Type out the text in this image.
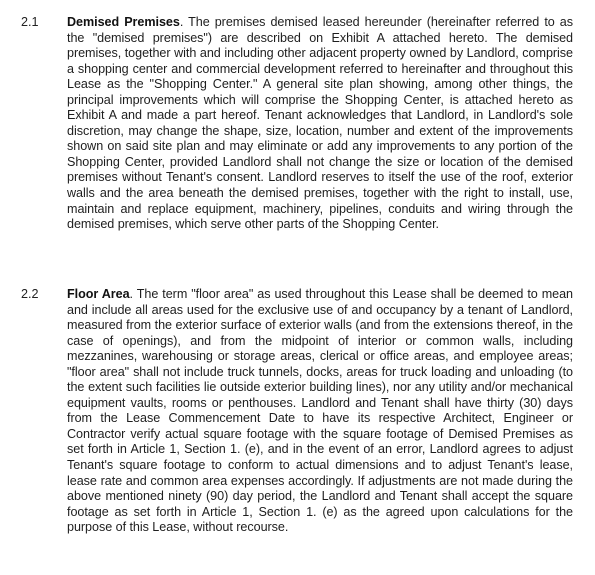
2.1 Demised Premises. The premises demised leased hereunder (hereinafter referred to as the "demised premises") are described on Exhibit A attached hereto. The demised premises, together with and including other adjacent property owned by Landlord, comprise a shopping center and commercial development referred to hereinafter and throughout this Lease as the "Shopping Center." A general site plan showing, among other things, the principal improvements which will comprise the Shopping Center, is attached hereto as Exhibit A and made a part hereof. Tenant acknowledges that Landlord, in Landlord's sole discretion, may change the shape, size, location, number and extent of the improvements shown on said site plan and may eliminate or add any improvements to any portion of the Shopping Center, provided Landlord shall not change the size or location of the demised premises without Tenant's consent. Landlord reserves to itself the use of the roof, exterior walls and the area beneath the demised premises, together with the right to install, use, maintain and replace equipment, machinery, pipelines, conduits and wiring through the demised premises, which serve other parts of the Shopping Center.
2.2 Floor Area. The term "floor area" as used throughout this Lease shall be deemed to mean and include all areas used for the exclusive use of and occupancy by a tenant of Landlord, measured from the exterior surface of exterior walls (and from the extensions thereof, in the case of openings), and from the midpoint of interior or common walls, including mezzanines, warehousing or storage areas, clerical or office areas, and employee areas; "floor area" shall not include truck tunnels, docks, areas for truck loading and unloading (to the extent such facilities lie outside exterior building lines), nor any utility and/or mechanical equipment vaults, rooms or penthouses. Landlord and Tenant shall have thirty (30) days from the Lease Commencement Date to have its respective Architect, Engineer or Contractor verify actual square footage with the square footage of Demised Premises as set forth in Article 1, Section 1. (e), and in the event of an error, Landlord agrees to adjust Tenant's square footage to conform to actual dimensions and to adjust Tenant's lease, lease rate and common area expenses accordingly. If adjustments are not made during the above mentioned ninety (90) day period, the Landlord and Tenant shall accept the square footage as set forth in Article 1, Section 1. (e) as the agreed upon calculations for the purpose of this Lease, without recourse.
